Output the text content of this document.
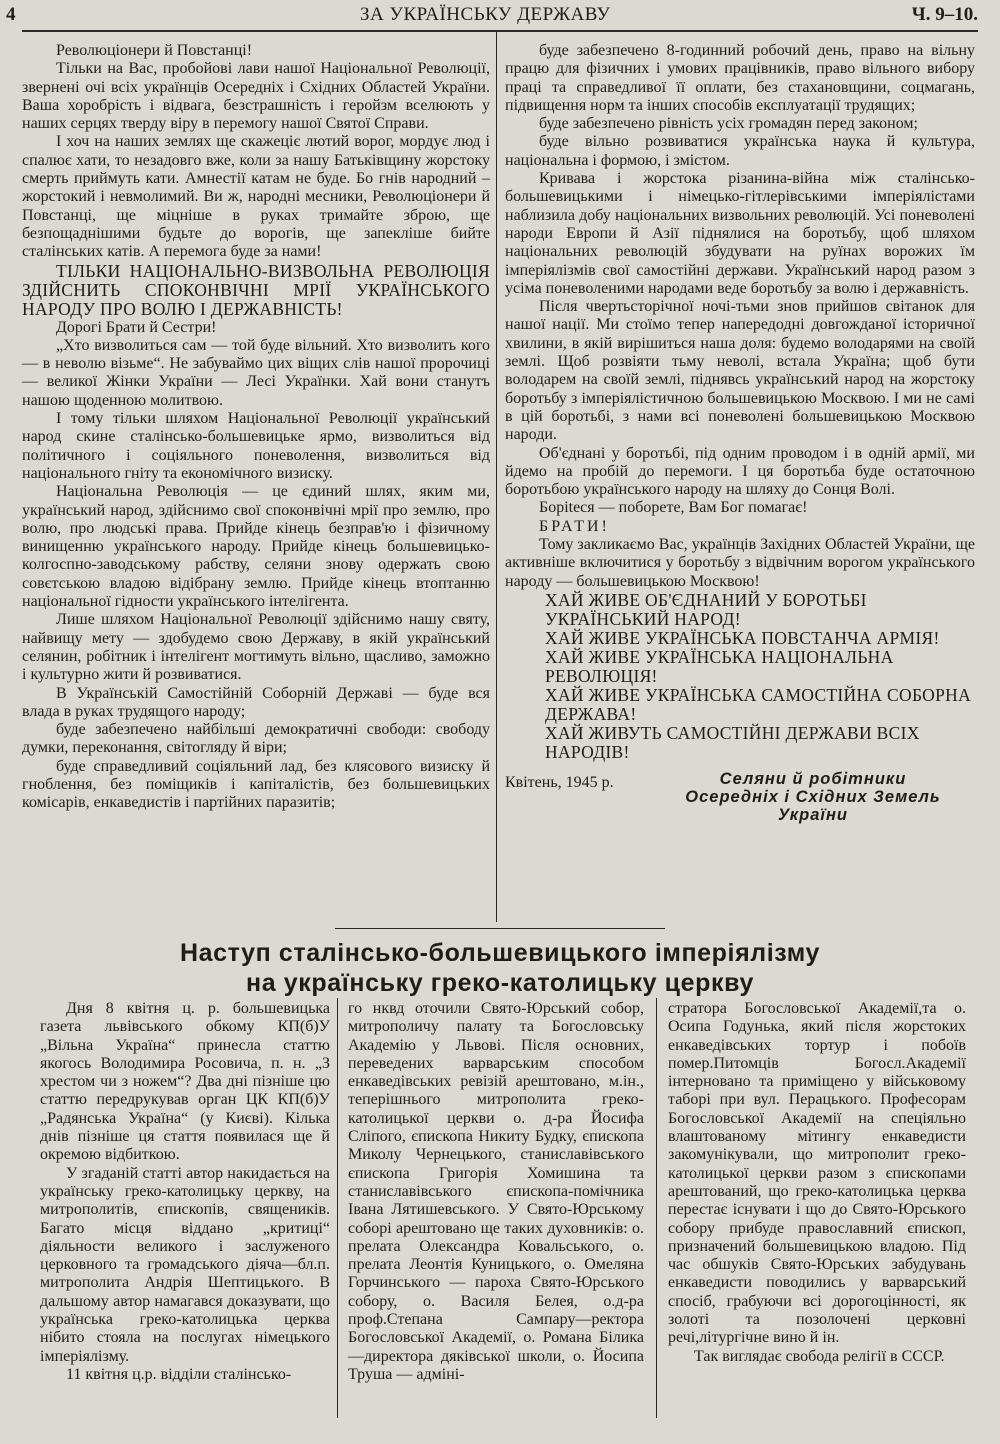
4	ЗА УКРАЇНСЬКУ ДЕРЖАВУ	Ч. 9–10.

Революціонери й Повстанці!

Тільки на Вас, пробойові лави нашої Національної Революції, звернені очі всіх українців Осередніх і Східних Областей України. Ваша хоробрість і відвага, безстрашність і геройзм вселюють у наших серцях тверду віру в перемогу нашої Святої Справи.

І хоч на наших землях ще скажеціє лютий ворог, мордує люд і спалює хати, то незадовго вже, коли за нашу Батьківщину жорстоку смерть приймуть кати. Амнестії катам не буде. Бо гнів народний – жорстокий і невмолимий. Ви ж, народні месники, Революціонери й Повстанці, ще міцніше в руках тримайте зброю, ще безпощаднішими будьте до ворогів, ще запекліше бийте сталінських катів. А перемога буде за нами!

ТІЛЬКИ НАЦІОНАЛЬНО-ВИЗВОЛЬНА РЕВОЛЮЦІЯ ЗДІЙСНИТЬ СПОКОНВІЧНІ МРІЇ УКРАЇНСЬКОГО НАРОДУ ПРО ВОЛЮ І ДЕРЖАВНІСТЬ!

Дорогі Брати й Сестри!

„Хто визволиться сам — той буде вільний. Хто визволить кого — в неволю візьме“. Не забуваймо цих віщих слів нашої пророчиці — великої Жінки України — Лесі Українки. Хай вони станутъ нашою щоденною молитвою.

І тому тільки шляхом Національної Революції український народ скине сталінсько-большевицьке ярмо, визволиться від політичного і соціяльного поневолення, визволиться від національного гніту та економічного визиску.

Національна Революція — це єдиний шлях, яким ми, український народ, здійснимо свої споконвічні мрії про землю, про волю, про людські права. Прийде кінець безправ'ю і фізичному винищенню українського народу. Прийде кінець большевицько-колгоспно-заводському рабству, селяни знову одержать свою совєтською владою відібрану землю. Прийде кінець втоптанню національної гідности українського інтелігента.

Лише шляхом Національної Революції здійснимо нашу святу, найвищу мету — здобудемо свою Державу, в якій український селянин, робітник і інтелігент могтимуть вільно, щасливо, заможно і культурно жити й розвиватися.

В Українській Самостійній Соборній Державі — буде вся влада в руках трудящого народу;

буде забезпечено найбільші демократичні свободи: свободу думки, переконання, світогляду й віри;

буде справедливий соціяльний лад, без клясового визиску й гноблення, без поміщиків і капіталістів, без большевицьких комісарів, енкаведистів і партійних паразитів;

буде забезпечено 8-годинний робочий день, право на вільну працю для фізичних і умових працівників, право вільного вибору праці та справедливої її оплати, без стахановщини, соцмагань, підвищення норм та інших способів експлуатації трудящих;

буде забезпечено рівність усіх громадян перед законом;

буде вільно розвиватися українська наука й культура, національна і формою, і змістом.

Кривава і жорстока різанина-війна між сталінсько-большевицькими і німецько-гітлерівськими імперіялістами наблизила добу національних визвольних революцій. Усі поневолені народи Европи й Азії піднялися на боротьбу, щоб шляхом національних революцій збудувати на руїнах ворожих їм імперіялізмів свої самостійні держави. Український народ разом з усіма поневоленими народами веде боротьбу за волю і державність.

Після чвертьсторічної ночі-тьми знов прийшов світанок для нашої нації. Ми стоїмо тепер напередодні довгожданої історичної хвилини, в якій вирішиться наша доля: будемо володарями на своїй землі. Щоб розвіяти тьму неволі, встала Україна; щоб бути володарем на своїй землі, піднявсь український народ на жорстоку боротьбу з імперіялістичною большевицькою Москвою. І ми не самі в цій боротьбі, з нами всі поневолені большевицькою Москвою народи.

Об'єднані у боротьбі, під одним проводом і в одній армії, ми йдемо на пробій до перемоги. І ця боротьба буде остаточною боротьбою українського народу на шляху до Сонця Волі.

Боріteся — поборете, Вам Бог помагає!

БРАТИ!

Тому закликаємо Вас, українців Західних Областей України, ще активніше включитися у боротьбу з відвічним ворогом українського народу — большевицькою Москвою!

ХАЙ ЖИВЕ ОБ'ЄДНАНИЙ У БОРОТЬБІ УКРАЇНСЬКИЙ НАРОД!

ХАЙ ЖИВЕ УКРАЇНСЬКА ПОВСТАНЧА АРМІЯ!

ХАЙ ЖИВЕ УКРАЇНСЬКА НАЦІОНАЛЬНА РЕВОЛЮЦІЯ!

ХАЙ ЖИВЕ УКРАЇНСЬКА САМОСТІЙНА СОБОРНА ДЕРЖАВА!

ХАЙ ЖИВУТЬ САМОСТІЙНІ ДЕРЖАВИ ВСІХ НАРОДІВ!

Квітень, 1945 р.	Селяни й робітники
Осередніх і Східних Земель
України
Наступ сталінсько-большевицького імперіялізму
на українську греко-католицьку церкву

Дня 8 квітня ц. р. большевицька газета львівського обкому КП(б)У „Вільна Україна“ принесла статтю якогось Володимира Росовича, п. н. „З хрестом чи з ножем“? Два дні пізніше цю статтю передрукував орган ЦК КП(б)У „Радянська Україна“ (у Києві). Кілька днів пізніше ця стаття появилася ще й окремою відбиткою.

У згаданій статті автор накидається на українську греко-католицьку церкву, на митрополитів, єпископів, священиків. Багато місця віддано „критиці“ діяльности великого і заслуженого церковного та громадського діяча—бл.п. митрополита Андрія Шептицького. В дальшому автор намагався доказувати, що українська греко-католицька церква нібито стояла на послугах німецького імперіялізму.

11 квітня ц.р. відділи сталінсько-

го нквд оточили Свято-Юрський собор, митрополичу палату та Богословську Академію у Львові. Після основних, переведених варварським способом енкаведівських ревізій арештовано, м.ін., теперішнього митрополита греко-католицької церкви о. д-ра Йосифа Сліпого, єпископа Никиту Будку, єпископа Миколу Чернецького, станиславівського єпископа Григорія Хомишина та станиславівського єпископа-помічника Івана Лятишевського. У Свято-Юрському соборі арештовано ще таких духовників: о. прелата Олександра Ковальського, о. прелата Леонтія Куницького, о. Омеляна Горчинського — пароха Свято-Юрського собору, о. Василя Белея, о.д-ра проф.Степана Сампару—ректора Богословської Академії, о. Романа Білика—директора дяківської школи, о. Йосипа Труша — адміні-

стратора Богословської Академії,та о. Осипа Годунька, який після жорстоких енкаведівських тортур і побоїв помер.Питомців Богосл.Академії інтерновано та приміщено у військовому таборі при вул. Перацького. Професорам Богословської Академії на спеціяльно влаштованому мітингу енкаведисти закомунікували, що митрополит греко-католицької церкви разом з єпископами арештований, що греко-католицька церква перестає існувати і що до Свято-Юрського собору прибуде православний єпископ, призначений большевицькою владою. Під час обшуків Свято-Юрських забудувань енкаведисти поводились у варварський спосіб, грабуючи всі дорогоцінності, як золоті та позолочені церковні речі,літургічне вино й ін.

Так виглядає свобода релігії в СССР.
